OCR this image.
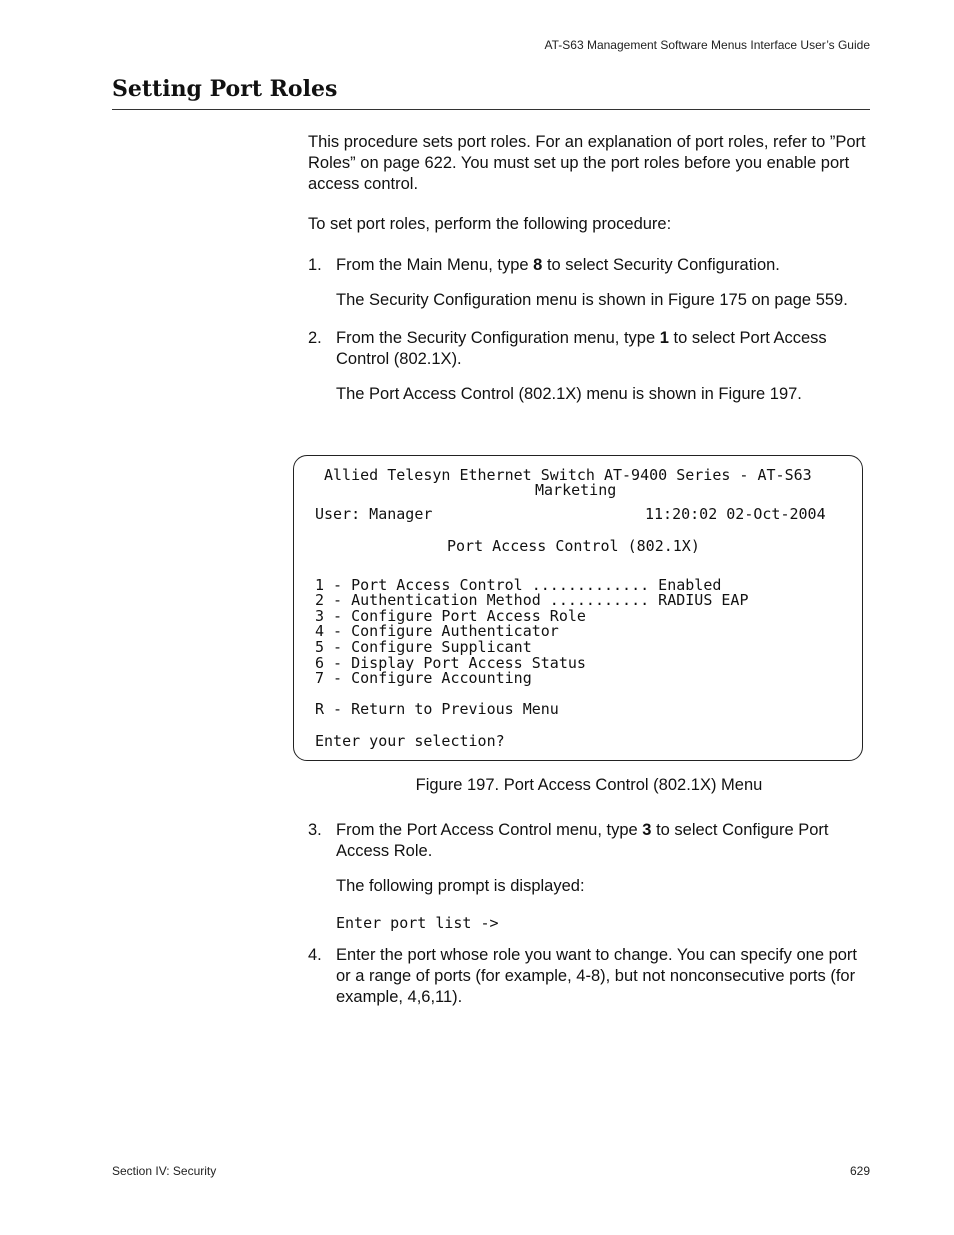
AT-S63 Management Software Menus Interface User’s Guide
Setting Port Roles

This procedure sets port roles. For an explanation of port roles, refer to ”Port Roles” on page 622. You must set up the port roles before you enable port access control.

To set port roles, perform the following procedure:

1. From the Main Menu, type 8 to select Security Configuration.

The Security Configuration menu is shown in Figure 175 on page 559.

2. From the Security Configuration menu, type 1 to select Port Access Control (802.1X).

The Port Access Control (802.1X) menu is shown in Figure 197.

Allied Telesyn Ethernet Switch AT-9400 Series - AT-S63
Marketing
User: Manager	11:20:02 02-Oct-2004
Port Access Control (802.1X)
1 - Port Access Control ............. Enabled
2 - Authentication Method ........... RADIUS EAP
3 - Configure Port Access Role
4 - Configure Authenticator
5 - Configure Supplicant
6 - Display Port Access Status
7 - Configure Accounting
R - Return to Previous Menu
Enter your selection?
Figure 197. Port Access Control (802.1X) Menu
3. From the Port Access Control menu, type 3 to select Configure Port Access Role.

The following prompt is displayed:

Enter port list ->
4. Enter the port whose role you want to change. You can specify one port or a range of ports (for example, 4-8), but not nonconsecutive ports (for example, 4,6,11).
Section IV: Security	629
